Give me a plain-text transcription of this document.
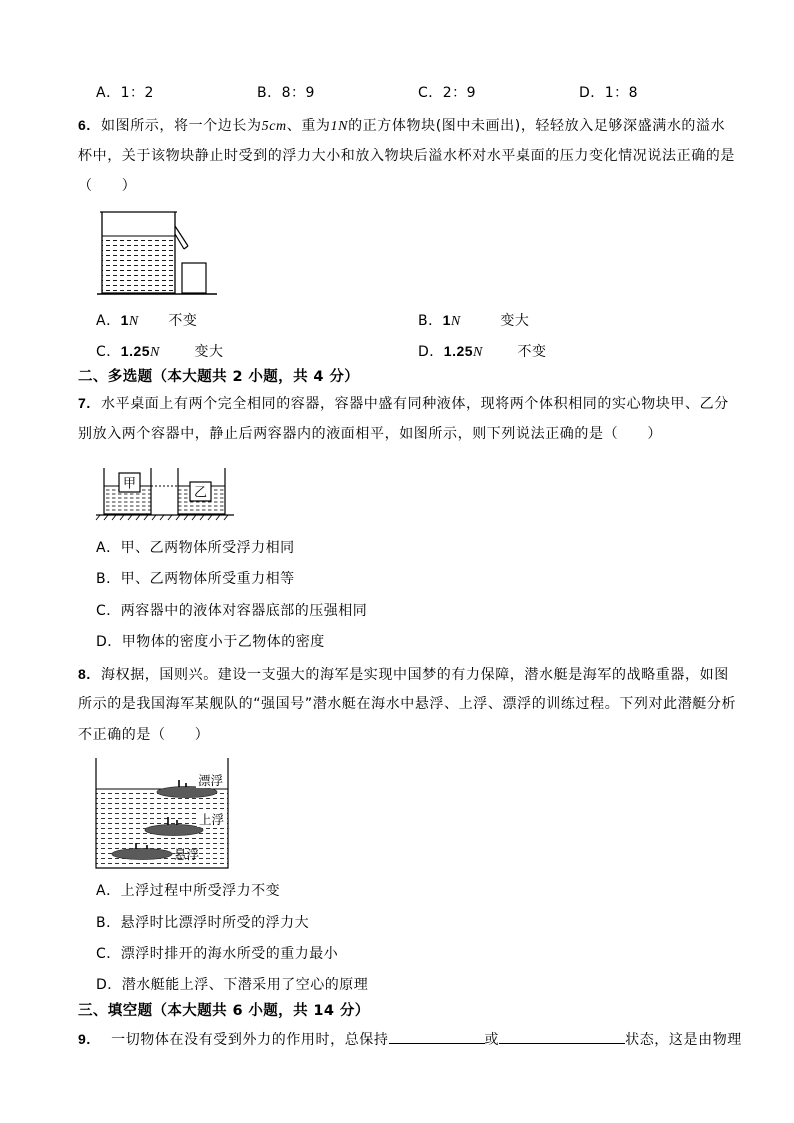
A．1：2	B．8：9	C．2：9	D．1：8
6. 如图所示，将一个边长为5cm、重为1N的正方体物块(图中未画出)，轻轻放入足够深盛满水的溢水
杯中，关于该物块静止时受到的浮力大小和放入物块后溢水杯对水平桌面的压力变化情况说法正确的是
（　　）
A．1N 不变	B．1N	变大
C．1.25N 变大	D．1.25N 不变
二、多选题（本大题共 2 小题，共 4 分）
7. 水平桌面上有两个完全相同的容器，容器中盛有同种液体，现将两个体积相同的实心物块甲、乙分
别放入两个容器中，静止后两容器内的液面相平，如图所示，则下列说法正确的是（　　）
甲
乙
A．甲、乙两物体所受浮力相同
B．甲、乙两物体所受重力相等
C．两容器中的液体对容器底部的压强相同
D．甲物体的密度小于乙物体的密度
8. 海权据，国则兴。建设一支强大的海军是实现中国梦的有力保障，潜水艇是海军的战略重器，如图
所示的是我国海军某舰队的“强国号”潜水艇在海水中悬浮、上浮、漂浮的训练过程。下列对此潜艇分析
不正确的是（　　）
漂浮
上浮
悬浮
A．上浮过程中所受浮力不变
B．悬浮时比漂浮时所受的浮力大
C．漂浮时排开的海水所受的重力最小
D．潜水艇能上浮、下潜采用了空心的原理
三、填空题（本大题共 6 小题，共 14 分）
9. 一切物体在没有受到外力的作用时，总保持	或	状态，这是由物理
